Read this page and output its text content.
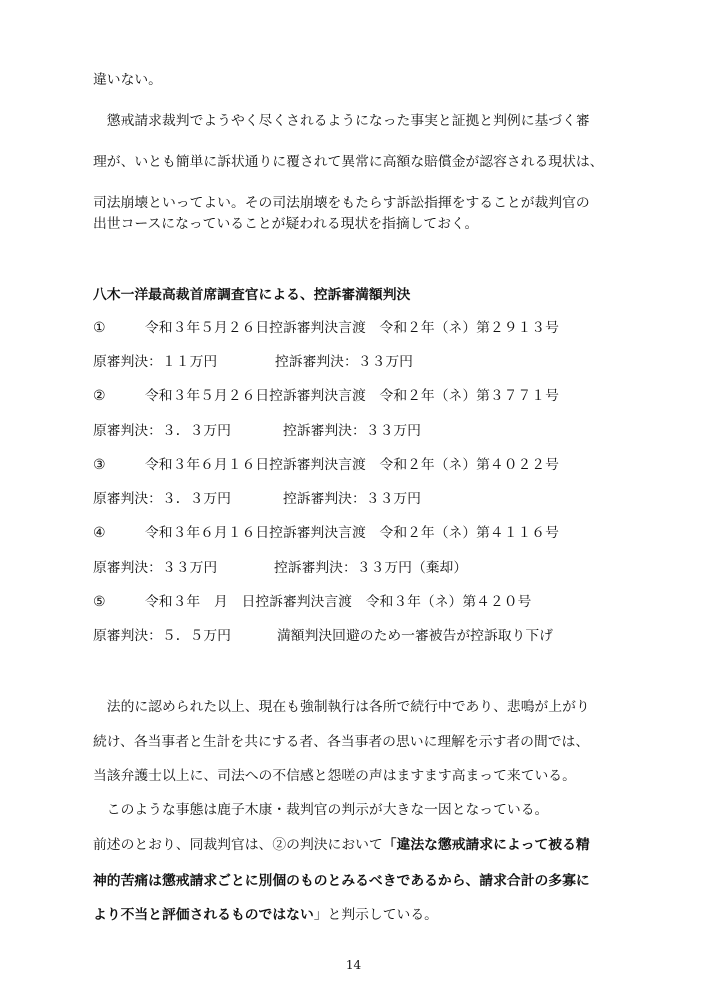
違いない。
　懲戒請求裁判でようやく尽くされるようになった事実と証拠と判例に基づく審
理が、いとも簡単に訴状通りに覆されて異常に高額な賠償金が認容される現状は、
司法崩壊といってよい。その司法崩壊をもたらす訴訟指揮をすることが裁判官の
出世コースになっていることが疑われる現状を指摘しておく。
八木一洋最高裁首席調査官による、控訴審満額判決
①	令和３年５月２６日控訴審判決言渡　令和２年（ネ）第２９１３号
原審判決：１１万円	控訴審判決：３３万円
②	令和３年５月２６日控訴審判決言渡　令和２年（ネ）第３７７１号
原審判決：３．３万円	控訴審判決：３３万円
③	令和３年６月１６日控訴審判決言渡　令和２年（ネ）第４０２２号
原審判決：３．３万円	控訴審判決：３３万円
④	令和３年６月１６日控訴審判決言渡　令和２年（ネ）第４１１６号
原審判決：３３万円	控訴審判決：３３万円（棄却）
⑤	令和３年　月　日控訴審判決言渡　令和３年（ネ）第４２０号
原審判決：５．５万円	満額判決回避のため一審被告が控訴取り下げ
　法的に認められた以上、現在も強制執行は各所で続行中であり、悲鳴が上がり
続け、各当事者と生計を共にする者、各当事者の思いに理解を示す者の間では、
当該弁護士以上に、司法への不信感と怨嗟の声はますます高まって来ている。
　このような事態は鹿子木康・裁判官の判示が大きな一因となっている。
前述のとおり、同裁判官は、②の判決において「違法な懲戒請求によって被る精
神的苦痛は懲戒請求ごとに別個のものとみるべきであるから、請求合計の多寡に
より不当と評価されるものではない」と判示している。
14
